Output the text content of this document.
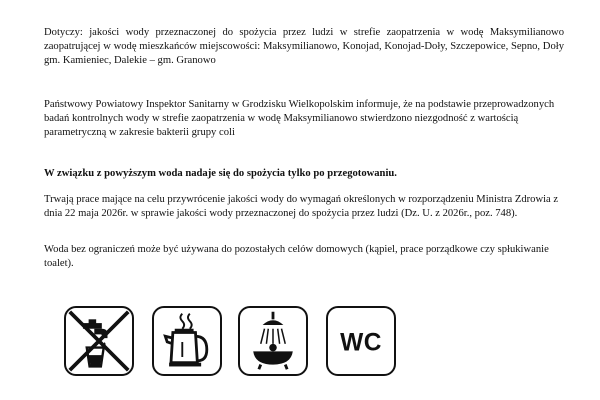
Dotyczy: jakości wody przeznaczonej do spożycia przez ludzi w strefie zaopatrzenia w wodę Maksymilianowo zaopatrującej w wodę mieszkańców miejscowości: Maksymilianowo, Konojad, Konojad-Doły, Szczepowice, Sepno, Doły gm. Kamieniec, Dalekie – gm. Granowo

Państwowy Powiatowy Inspektor Sanitarny w Grodzisku Wielkopolskim informuje, że na podstawie przeprowadzonych badań kontrolnych wody w strefie zaopatrzenia w wodę Maksymilianowo stwierdzono niezgodność z wartością parametryczną w zakresie bakterii grupy coli

W związku z powyższym woda nadaje się do spożycia tylko po przegotowaniu.

Trwają prace mające na celu przywrócenie jakości wody do wymagań określonych w rozporządzeniu Ministra Zdrowia z dnia 22 maja 2026r. w sprawie jakości wody przeznaczonej do spożycia przez ludzi (Dz. U. z 2026r., poz. 748).

Woda bez ograniczeń może być używana do pozostałych celów domowych (kąpiel, prace porządkowe czy spłukiwanie toalet).

WC
